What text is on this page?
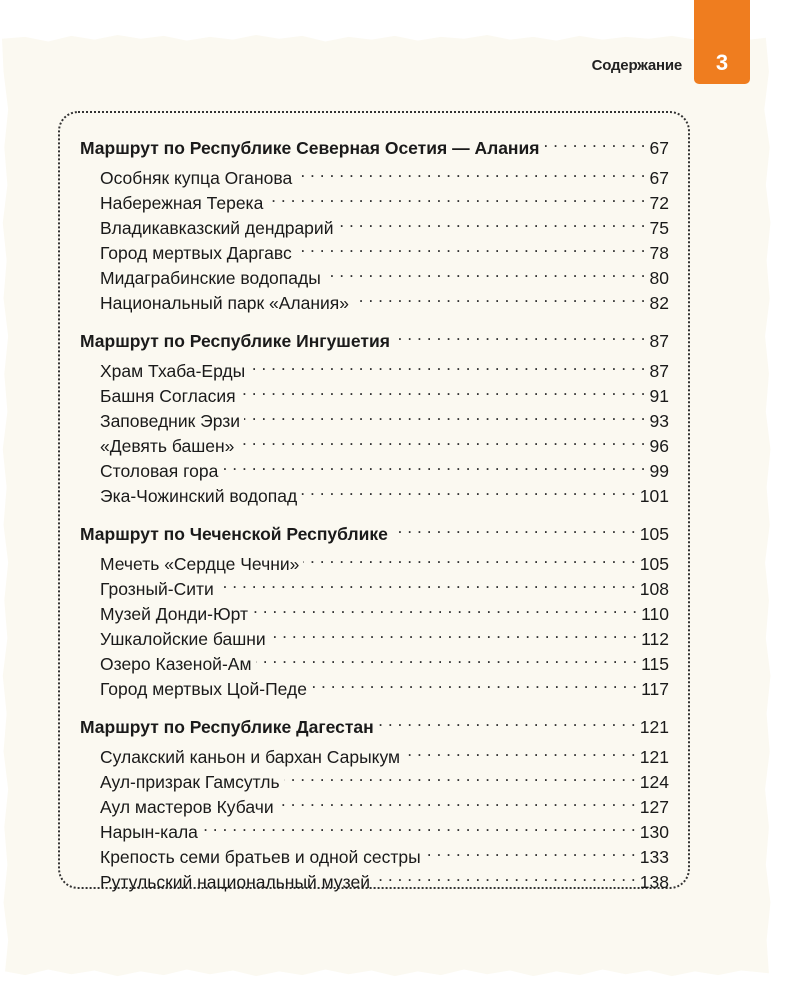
3
Содержание
Маршрут по Республике Северная Осетия — Алания . . .	67
Особняк купца Оганова . . .	67
Набережная Терека . . .	72
Владикавказский дендрарий . . .	75
Город мертвых Даргавс . . .	78
Мидаграбинские водопады . . .	80
Национальный парк «Алания» . . .	82
Маршрут по Республике Ингушетия . . .	87
Храм Тхаба-Ерды . . .	87
Башня Согласия . . .	91
Заповедник Эрзи . . .	93
«Девять башен» . . .	96
Столовая гора . . .	99
Эка-Чожинский водопад . . .	101
Маршрут по Чеченской Республике . . .	105
Мечеть «Сердце Чечни» . . .	105
Грозный-Сити . . .	108
Музей Донди-Юрт . . .	110
Ушкалойские башни . . .	112
Озеро Казеной-Ам . . .	115
Город мертвых Цой-Педе . . .	117
Маршрут по Республике Дагестан . . .	121
Сулакский каньон и бархан Сарыкум . . .	121
Аул-призрак Гамсутль . . .	124
Аул мастеров Кубачи . . .	127
Нарын-кала . . .	130
Крепость семи братьев и одной сестры . . .	133
Рутульский национальный музей . . .	138
